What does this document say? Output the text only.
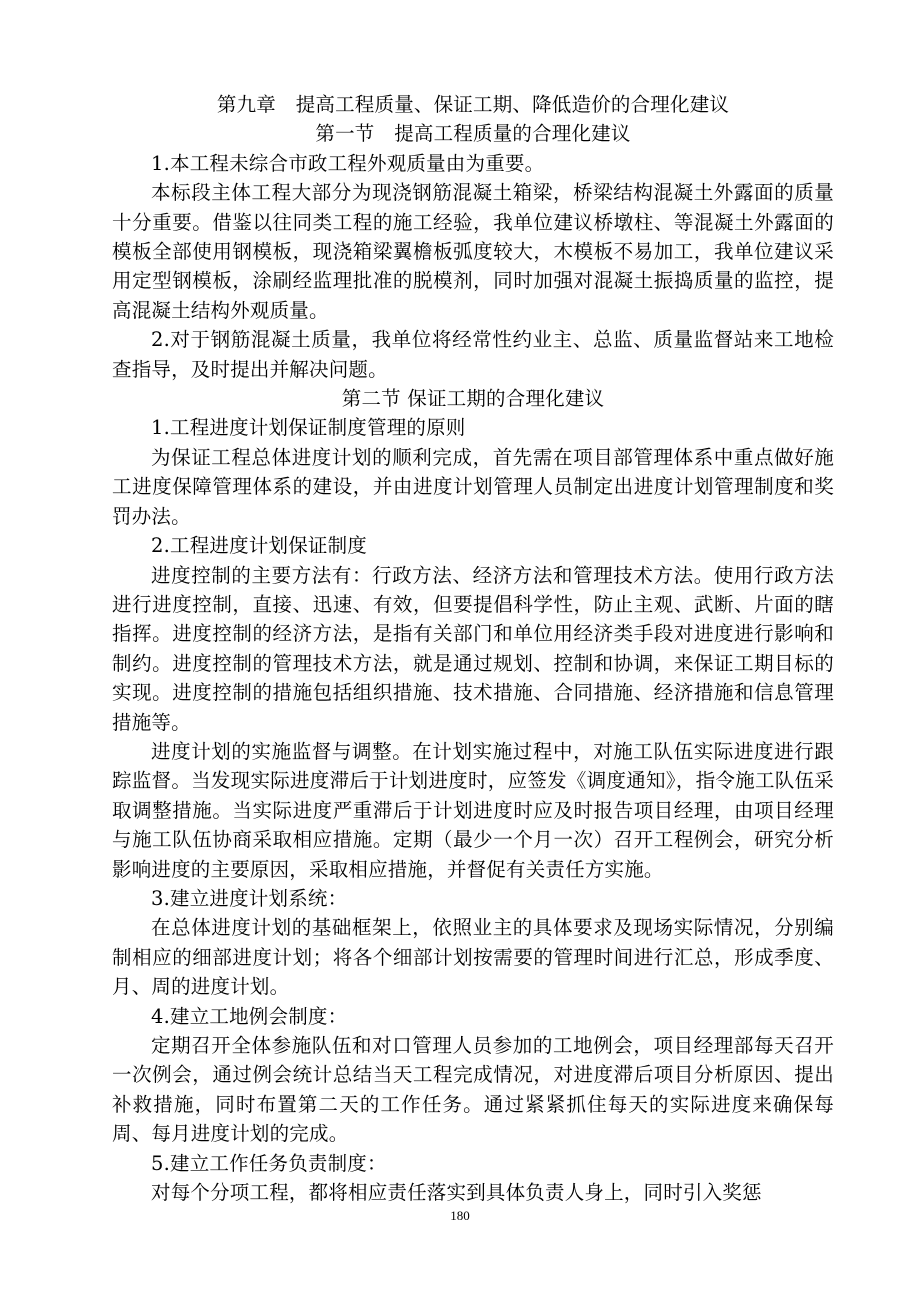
第九章　提高工程质量、保证工期、降低造价的合理化建议
第一节　提高工程质量的合理化建议

1.本工程未综合市政工程外观质量由为重要。

本标段主体工程大部分为现浇钢筋混凝土箱梁，桥梁结构混凝土外露面的质量十分重要。借鉴以往同类工程的施工经验，我单位建议桥墩柱、等混凝土外露面的模板全部使用钢模板，现浇箱梁翼檐板弧度较大，木模板不易加工，我单位建议采用定型钢模板，涂刷经监理批准的脱模剂，同时加强对混凝土振捣质量的监控，提高混凝土结构外观质量。

2.对于钢筋混凝土质量，我单位将经常性约业主、总监、质量监督站来工地检查指导，及时提出并解决问题。

第二节 保证工期的合理化建议

1.工程进度计划保证制度管理的原则

为保证工程总体进度计划的顺利完成，首先需在项目部管理体系中重点做好施工进度保障管理体系的建设，并由进度计划管理人员制定出进度计划管理制度和奖罚办法。

2.工程进度计划保证制度

进度控制的主要方法有：行政方法、经济方法和管理技术方法。使用行政方法进行进度控制，直接、迅速、有效，但要提倡科学性，防止主观、武断、片面的瞎指挥。进度控制的经济方法，是指有关部门和单位用经济类手段对进度进行影响和制约。进度控制的管理技术方法，就是通过规划、控制和协调，来保证工期目标的实现。进度控制的措施包括组织措施、技术措施、合同措施、经济措施和信息管理措施等。

进度计划的实施监督与调整。在计划实施过程中，对施工队伍实际进度进行跟踪监督。当发现实际进度滞后于计划进度时，应签发《调度通知》，指令施工队伍采取调整措施。当实际进度严重滞后于计划进度时应及时报告项目经理，由项目经理与施工队伍协商采取相应措施。定期（最少一个月一次）召开工程例会，研究分析影响进度的主要原因，采取相应措施，并督促有关责任方实施。

3.建立进度计划系统：

在总体进度计划的基础框架上，依照业主的具体要求及现场实际情况，分别编制相应的细部进度计划；将各个细部计划按需要的管理时间进行汇总，形成季度、月、周的进度计划。

4.建立工地例会制度：

定期召开全体参施队伍和对口管理人员参加的工地例会，项目经理部每天召开一次例会，通过例会统计总结当天工程完成情况，对进度滞后项目分析原因、提出补救措施，同时布置第二天的工作任务。通过紧紧抓住每天的实际进度来确保每周、每月进度计划的完成。

5.建立工作任务负责制度：

对每个分项工程，都将相应责任落实到具体负责人身上，同时引入奖惩

180
